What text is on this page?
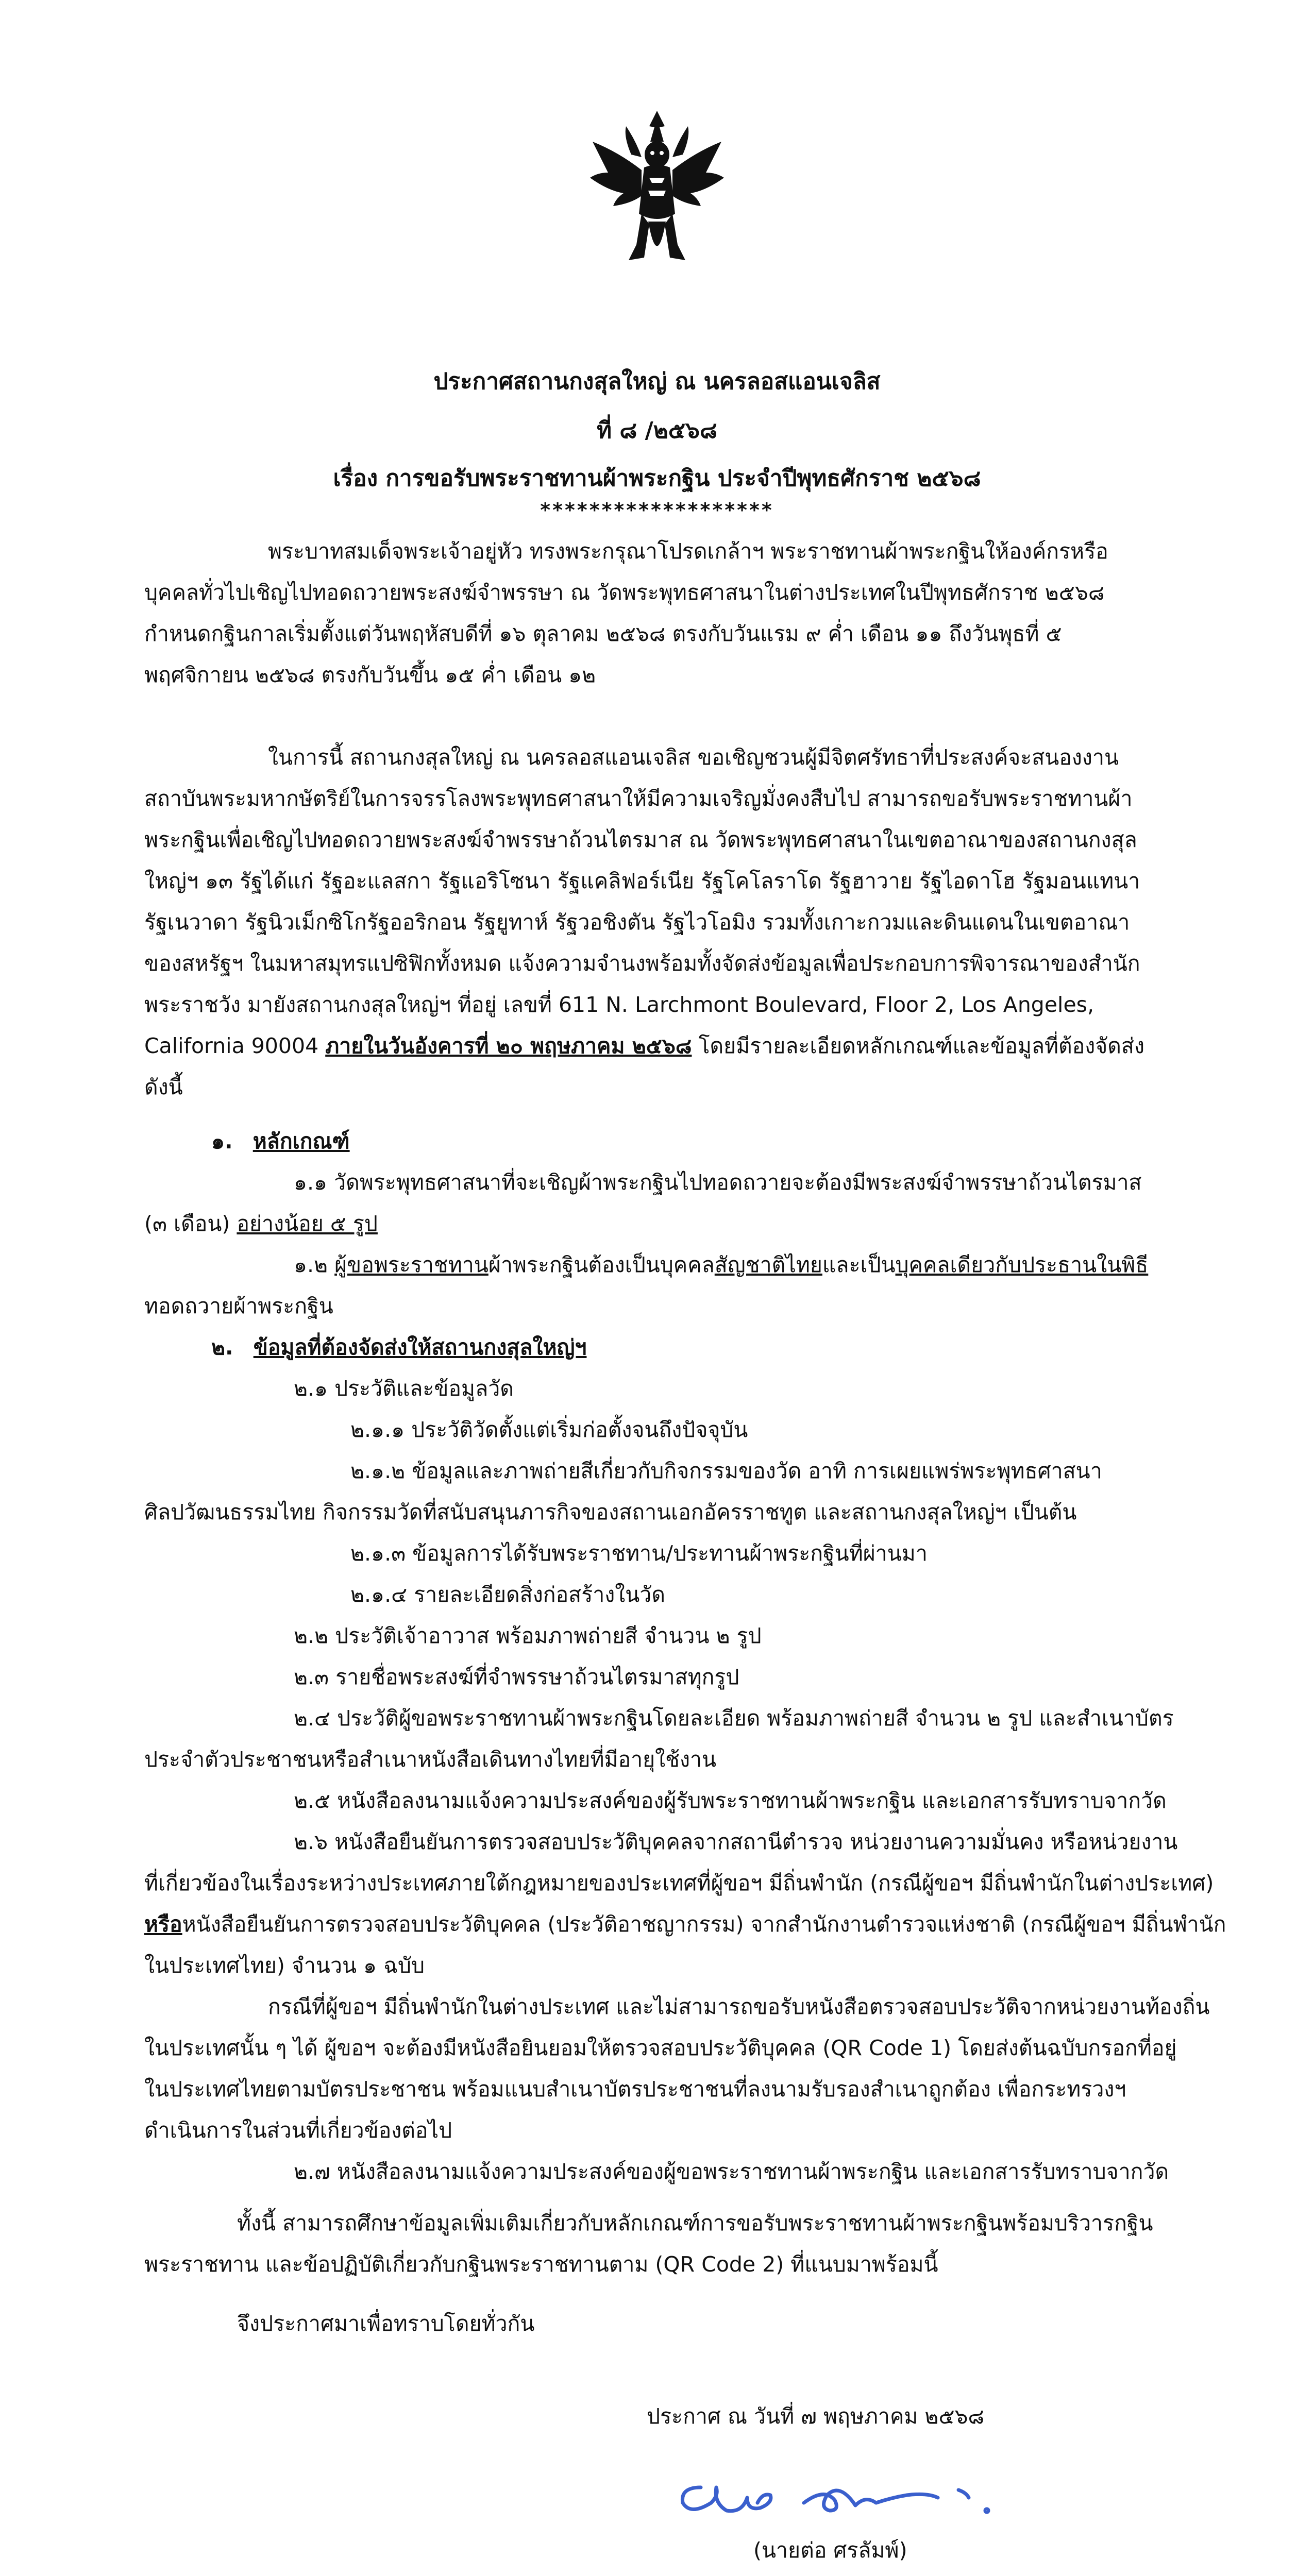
ประกาศสถานกงสุลใหญ่ ณ นครลอสแอนเจลิส
ที่ ๘ /๒๕๖๘
เรื่อง การขอรับพระราชทานผ้าพระกฐิน ประจำปีพุทธศักราช ๒๕๖๘
*******************

พระบาทสมเด็จพระเจ้าอยู่หัว ทรงพระกรุณาโปรดเกล้าฯ พระราชทานผ้าพระกฐินให้องค์กรหรือบุคคลทั่วไปเชิญไปทอดถวายพระสงฆ์จำพรรษา ณ วัดพระพุทธศาสนาในต่างประเทศในปีพุทธศักราช ๒๕๖๘ กำหนดกฐินกาลเริ่มตั้งแต่วันพฤหัสบดีที่ ๑๖ ตุลาคม ๒๕๖๘ ตรงกับวันแรม ๙ ค่ำ เดือน ๑๑ ถึงวันพุธที่ ๕ พฤศจิกายน ๒๕๖๘ ตรงกับวันขึ้น ๑๕ ค่ำ เดือน ๑๒

ในการนี้ สถานกงสุลใหญ่ ณ นครลอสแอนเจลิส ขอเชิญชวนผู้มีจิตศรัทธาที่ประสงค์จะสนองงานสถาบันพระมหากษัตริย์ในการจรรโลงพระพุทธศาสนาให้มีความเจริญมั่งคงสืบไป สามารถขอรับพระราชทานผ้าพระกฐินเพื่อเชิญไปทอดถวายพระสงฆ์จำพรรษาถ้วนไตรมาส ณ วัดพระพุทธศาสนาในเขตอาณาของสถานกงสุลใหญ่ฯ ๑๓ รัฐได้แก่ รัฐอะแลสกา รัฐแอริโซนา รัฐแคลิฟอร์เนีย รัฐโคโลราโด รัฐฮาวาย รัฐไอดาโฮ รัฐมอนแทนา รัฐเนวาดา รัฐนิวเม็กซิโกรัฐออริกอน รัฐยูทาห์ รัฐวอชิงตัน รัฐไวโอมิง รวมทั้งเกาะกวมและดินแดนในเขตอาณาของสหรัฐฯ ในมหาสมุทรแปซิฟิกทั้งหมด แจ้งความจำนงพร้อมทั้งจัดส่งข้อมูลเพื่อประกอบการพิจารณาของสำนักพระราชวัง มายังสถานกงสุลใหญ่ฯ ที่อยู่ เลขที่ 611 N. Larchmont Boulevard, Floor 2, Los Angeles, California 90004 ภายในวันอังคารที่ ๒๐ พฤษภาคม ๒๕๖๘ โดยมีรายละเอียดหลักเกณฑ์และข้อมูลที่ต้องจัดส่ง ดังนี้

๑. หลักเกณฑ์
๑.๑ วัดพระพุทธศาสนาที่จะเชิญผ้าพระกฐินไปทอดถวายจะต้องมีพระสงฆ์จำพรรษาถ้วนไตรมาส
(๓ เดือน) อย่างน้อย ๕ รูป
๑.๒ ผู้ขอพระราชทานผ้าพระกฐินต้องเป็นบุคคลสัญชาติไทยและเป็นบุคคลเดียวกับประธานในพิธี
ทอดถวายผ้าพระกฐิน
๒. ข้อมูลที่ต้องจัดส่งให้สถานกงสุลใหญ่ฯ
๒.๑ ประวัติและข้อมูลวัด
๒.๑.๑ ประวัติวัดตั้งแต่เริ่มก่อตั้งจนถึงปัจจุบัน
๒.๑.๒ ข้อมูลและภาพถ่ายสีเกี่ยวกับกิจกรรมของวัด อาทิ การเผยแพร่พระพุทธศาสนา
ศิลปวัฒนธรรมไทย กิจกรรมวัดที่สนับสนุนภารกิจของสถานเอกอัครราชทูต และสถานกงสุลใหญ่ฯ เป็นต้น
๒.๑.๓ ข้อมูลการได้รับพระราชทาน/ประทานผ้าพระกฐินที่ผ่านมา
๒.๑.๔ รายละเอียดสิ่งก่อสร้างในวัด
๒.๒ ประวัติเจ้าอาวาส พร้อมภาพถ่ายสี จำนวน ๒ รูป
๒.๓ รายชื่อพระสงฆ์ที่จำพรรษาถ้วนไตรมาสทุกรูป
๒.๔ ประวัติผู้ขอพระราชทานผ้าพระกฐินโดยละเอียด พร้อมภาพถ่ายสี จำนวน ๒ รูป และสำเนาบัตร
ประจำตัวประชาชนหรือสำเนาหนังสือเดินทางไทยที่มีอายุใช้งาน
๒.๕ หนังสือลงนามแจ้งความประสงค์ของผู้รับพระราชทานผ้าพระกฐิน และเอกสารรับทราบจากวัด
๒.๖ หนังสือยืนยันการตรวจสอบประวัติบุคคลจากสถานีตำรวจ หน่วยงานความมั่นคง หรือหน่วยงาน
ที่เกี่ยวข้องในเรื่องระหว่างประเทศภายใต้กฎหมายของประเทศที่ผู้ขอฯ มีถิ่นพำนัก (กรณีผู้ขอฯ มีถิ่นพำนักในต่างประเทศ)
หรือหนังสือยืนยันการตรวจสอบประวัติบุคคล (ประวัติอาชญากรรม) จากสำนักงานตำรวจแห่งชาติ (กรณีผู้ขอฯ มีถิ่นพำนัก
ในประเทศไทย) จำนวน ๑ ฉบับ
กรณีที่ผู้ขอฯ มีถิ่นพำนักในต่างประเทศ และไม่สามารถขอรับหนังสือตรวจสอบประวัติจากหน่วยงานท้องถิ่น
ในประเทศนั้น ๆ ได้ ผู้ขอฯ จะต้องมีหนังสือยินยอมให้ตรวจสอบประวัติบุคคล (QR Code 1) โดยส่งต้นฉบับกรอกที่อยู่
ในประเทศไทยตามบัตรประชาชน พร้อมแนบสำเนาบัตรประชาชนที่ลงนามรับรองสำเนาถูกต้อง เพื่อกระทรวงฯ
ดำเนินการในส่วนที่เกี่ยวข้องต่อไป
๒.๗ หนังสือลงนามแจ้งความประสงค์ของผู้ขอพระราชทานผ้าพระกฐิน และเอกสารรับทราบจากวัด
ทั้งนี้ สามารถศึกษาข้อมูลเพิ่มเติมเกี่ยวกับหลักเกณฑ์การขอรับพระราชทานผ้าพระกฐินพร้อมบริวารกฐิน
พระราชทาน และข้อปฏิบัติเกี่ยวกับกฐินพระราชทานตาม (QR Code 2) ที่แนบมาพร้อมนี้
จึงประกาศมาเพื่อทราบโดยทั่วกัน
ประกาศ ณ วันที่ ๗ พฤษภาคม ๒๕๖๘
(นายต่อ ศรลัมพ์)
